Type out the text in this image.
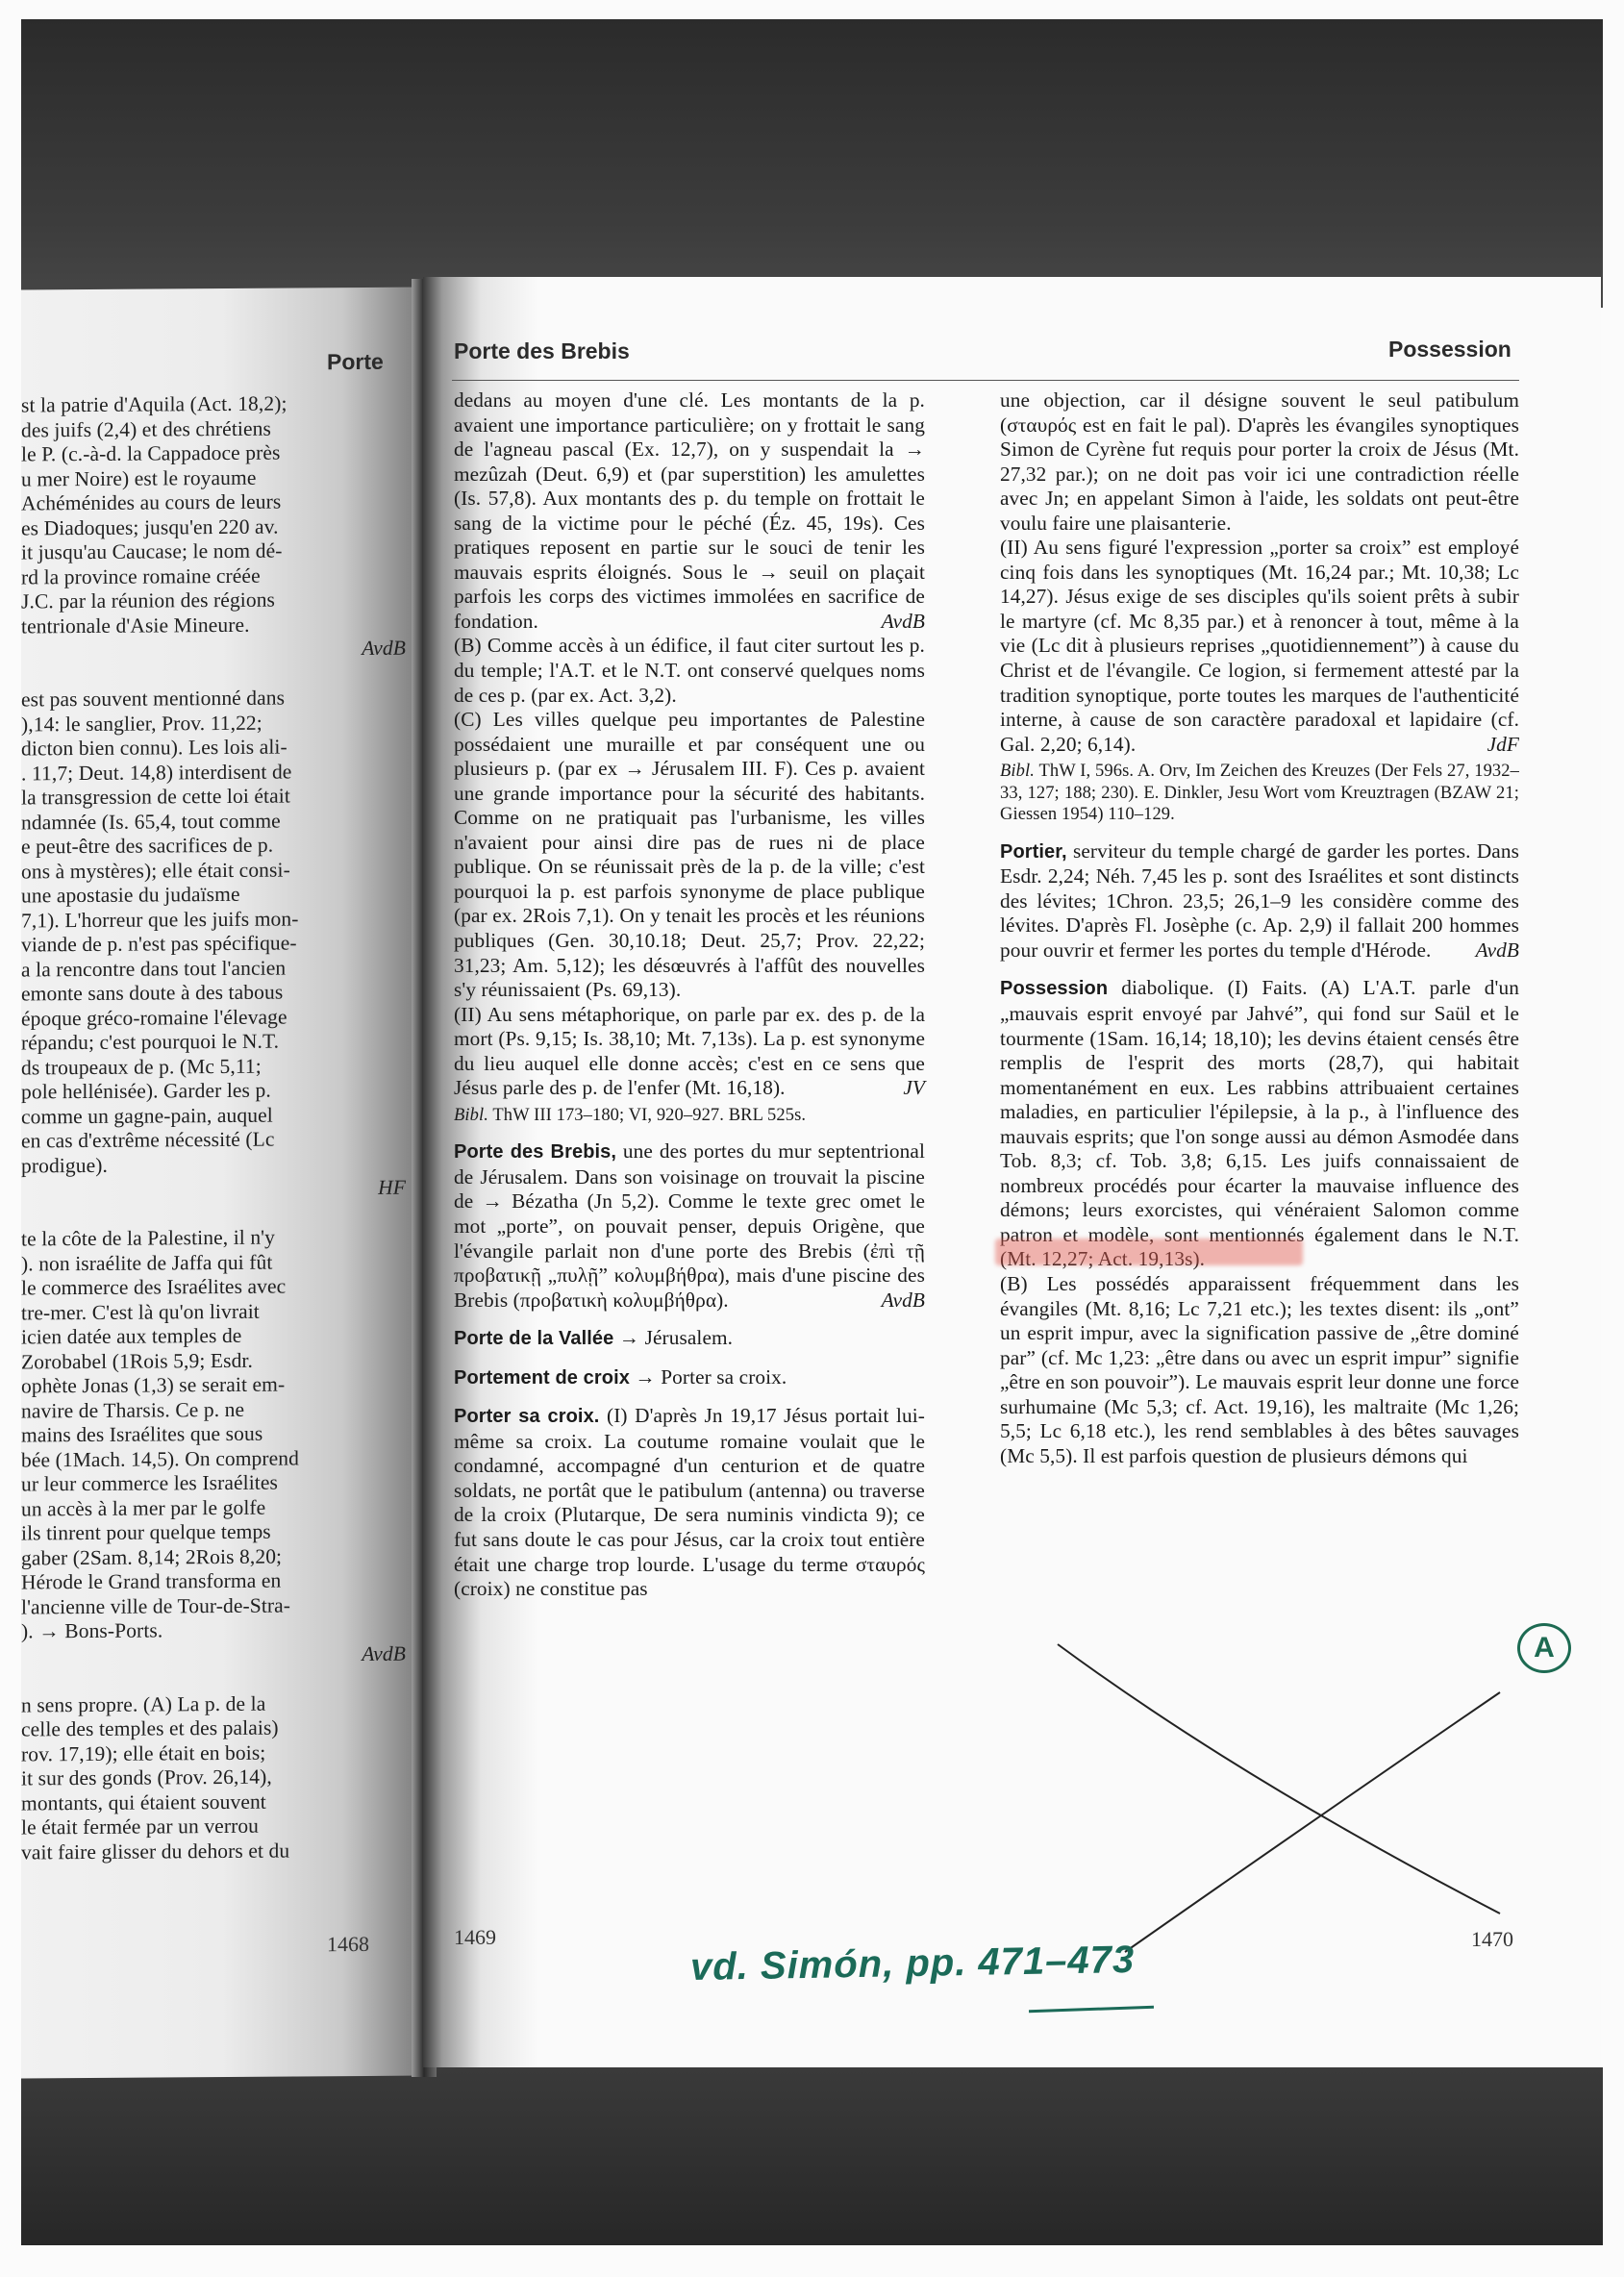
Porte
st la patrie d'Aquila (Act. 18,2);
des juifs (2,4) et des chrétiens
le P. (c.-à-d. la Cappadoce près
u mer Noire) est le royaume
Achéménides au cours de leurs
es Diadoques; jusqu'en 220 av.
it jusqu'au Caucase; le nom dé-
rd la province romaine créée
J.C. par la réunion des régions
tentrionale d'Asie Mineure.
AvdB

est pas souvent mentionné dans
),14: le sanglier, Prov. 11,22;
dicton bien connu). Les lois ali-
. 11,7; Deut. 14,8) interdisent de
la transgression de cette loi était
ndamnée (Is. 65,4, tout comme
e peut-être des sacrifices de p.
ons à mystères); elle était consi-
une apostasie du judaïsme
7,1). L'horreur que les juifs mon-
viande de p. n'est pas spécifique-
a la rencontre dans tout l'ancien
emonte sans doute à des tabous
époque gréco-romaine l'élevage
répandu; c'est pourquoi le N.T.
ds troupeaux de p. (Mc 5,11;
pole hellénisée). Garder les p.
comme un gagne-pain, auquel
en cas d'extrême nécessité (Lc
prodigue).
HF

te la côte de la Palestine, il n'y
). non israélite de Jaffa qui fût
le commerce des Israélites avec
tre-mer. C'est là qu'on livrait
icien datée aux temples de
Zorobabel (1Rois 5,9; Esdr.
ophète Jonas (1,3) se serait em-
navire de Tharsis. Ce p. ne
mains des Israélites que sous
bée (1Mach. 14,5). On comprend
ur leur commerce les Israélites
un accès à la mer par le golfe
ils tinrent pour quelque temps
gaber (2Sam. 8,14; 2Rois 8,20;
Hérode le Grand transforma en
l'ancienne ville de Tour-de-Stra-
). → Bons-Ports.
AvdB

n sens propre. (A) La p. de la
celle des temples et des palais)
rov. 17,19); elle était en bois;
it sur des gonds (Prov. 26,14),
montants, qui étaient souvent
le était fermée par un verrou
vait faire glisser du dehors et du
1468
Porte des Brebis	Possession

dedans au moyen d'une clé. Les montants de la p. avaient une importance particulière; on y frottait le sang de l'agneau pascal (Ex. 12,7), on y suspendait la → mezûzah (Deut. 6,9) et (par superstition) les amulettes (Is. 57,8). Aux montants des p. du temple on frottait le sang de la victime pour le péché (Éz. 45, 19s). Ces pratiques reposent en partie sur le souci de tenir les mauvais esprits éloignés. Sous le → seuil on plaçait parfois les corps des victimes immolées en sacrifice de fondation.	AvdB

(B) Comme accès à un édifice, il faut citer surtout les p. du temple; l'A.T. et le N.T. ont conservé quelques noms de ces p. (par ex. Act. 3,2).

(C) Les villes quelque peu importantes de Palestine possédaient une muraille et par conséquent une ou plusieurs p. (par ex → Jérusalem III. F). Ces p. avaient une grande importance pour la sécurité des habitants. Comme on ne pratiquait pas l'urbanisme, les villes n'avaient pour ainsi dire pas de rues ni de place publique. On se réunissait près de la p. de la ville; c'est pourquoi la p. est parfois synonyme de place publique (par ex. 2Rois 7,1). On y tenait les procès et les réunions publiques (Gen. 30,10.18; Deut. 25,7; Prov. 22,22; 31,23; Am. 5,12); les désœuvrés à l'affût des nouvelles s'y réunissaient (Ps. 69,13).

(II) Au sens métaphorique, on parle par ex. des p. de la mort (Ps. 9,15; Is. 38,10; Mt. 7,13s). La p. est synonyme du lieu auquel elle donne accès; c'est en ce sens que Jésus parle des p. de l'enfer (Mt. 16,18).	JV

Bibl. ThW III 173–180; VI, 920–927. BRL 525s.

Porte des Brebis, une des portes du mur septentrional de Jérusalem. Dans son voisinage on trouvait la piscine de → Bézatha (Jn 5,2). Comme le texte grec omet le mot „porte”, on pouvait penser, depuis Origène, que l'évangile parlait non d'une porte des Brebis (ἐπὶ τῇ προβατικῇ „πυλῇ” κολυμβήθρα), mais d'une piscine des Brebis (προβατικὴ κολυμβήθρα).	AvdB

Porte de la Vallée → Jérusalem.

Portement de croix → Porter sa croix.

Porter sa croix. (I) D'après Jn 19,17 Jésus portait lui-même sa croix. La coutume romaine voulait que le condamné, accompagné d'un centurion et de quatre soldats, ne portât que le patibulum (antenna) ou traverse de la croix (Plutarque, De sera numinis vindicta 9); ce fut sans doute le cas pour Jésus, car la croix tout entière était une charge trop lourde. L'usage du terme σταυρός (croix) ne constitue pas

une objection, car il désigne souvent le seul patibulum (σταυρός est en fait le pal). D'après les évangiles synoptiques Simon de Cyrène fut requis pour porter la croix de Jésus (Mt. 27,32 par.); on ne doit pas voir ici une contradiction réelle avec Jn; en appelant Simon à l'aide, les soldats ont peut-être voulu faire une plaisanterie.

(II) Au sens figuré l'expression „porter sa croix” est employé cinq fois dans les synoptiques (Mt. 16,24 par.; Mt. 10,38; Lc 14,27). Jésus exige de ses disciples qu'ils soient prêts à subir le martyre (cf. Mc 8,35 par.) et à renoncer à tout, même à la vie (Lc dit à plusieurs reprises „quotidiennement”) à cause du Christ et de l'évangile. Ce logion, si fermement attesté par la tradition synoptique, porte toutes les marques de l'authenticité interne, à cause de son caractère paradoxal et lapidaire (cf. Gal. 2,20; 6,14).	JdF

Bibl. ThW I, 596s. A. Orv, Im Zeichen des Kreuzes (Der Fels 27, 1932–33, 127; 188; 230). E. Dinkler, Jesu Wort vom Kreuztragen (BZAW 21; Giessen 1954) 110–129.

Portier, serviteur du temple chargé de garder les portes. Dans Esdr. 2,24; Néh. 7,45 les p. sont des Israélites et sont distincts des lévites; 1Chron. 23,5; 26,1–9 les considère comme des lévites. D'après Fl. Josèphe (c. Ap. 2,9) il fallait 200 hommes pour ouvrir et fermer les portes du temple d'Hérode. AvdB

Possession diabolique. (I) Faits. (A) L'A.T. parle d'un „mauvais esprit envoyé par Jahvé”, qui fond sur Saül et le tourmente (1Sam. 16,14; 18,10); les devins étaient censés être remplis de l'esprit des morts (28,7), qui habitait momentanément en eux. Les rabbins attribuaient certaines maladies, en particulier l'épilepsie, à la p., à l'influence des mauvais esprits; que l'on songe aussi au démon Asmodée dans Tob. 8,3; cf. Tob. 3,8; 6,15. Les juifs connaissaient de nombreux procédés pour écarter la mauvaise influence des démons; leurs exorcistes, qui vénéraient Salomon comme patron et modèle, sont mentionnés également dans le N.T. (Mt. 12,27; Act. 19,13s).

(B) Les possédés apparaissent fréquemment dans les évangiles (Mt. 8,16; Lc 7,21 etc.); les textes disent: ils „ont” un esprit impur, avec la signification passive de „être dominé par” (cf. Mc 1,23: „être dans ou avec un esprit impur” signifie „être en son pouvoir”). Le mauvais esprit leur donne une force surhumaine (Mc 5,3; cf. Act. 19,16), les maltraite (Mc 1,26; 5,5; Lc 6,18 etc.), les rend semblables à des bêtes sauvages (Mc 5,5). Il est parfois question de plusieurs démons qui

1469	1470
A
vd. Simón, pp. 471–473
